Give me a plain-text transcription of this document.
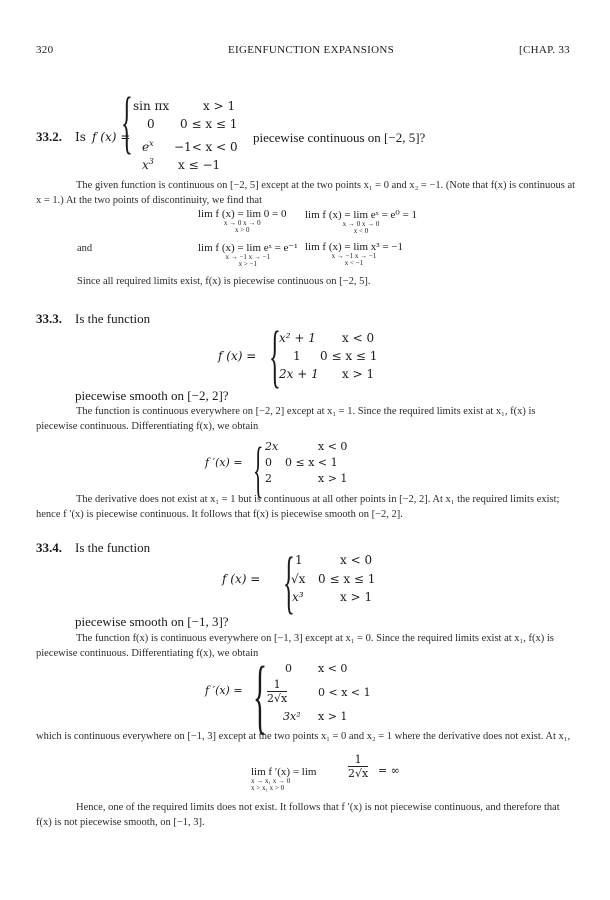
320	EIGENFUNCTION EXPANSIONS	[CHAP. 33
{ sin πx	x > 1
0 0 ≤ x ≤ 1
33.2. Is f (x) =	piecewise continuous on [−2, 5]?
$e^x -1< x < 0$
$x^3$ x ≤ −1
The given function is continuous on [−2, 5] except at the two points x₁ = 0 and x₂ = −1. (Note that f(x) is continuous at x = 1.) At the two points of discontinuity, we find that
lim f (x) = lim 0 = 0
x → 0 x → 0
x > 0
lim f (x) = lim eˣ = e⁰ = 1
x → 0 x → 0
x < 0
and	lim f (x) = lim eˣ = e⁻¹
x → −1 x → −1
x > −1
lim f (x) = lim x³ = −1
x → −1 x → −1
x < −1
Since all required limits exist, f(x) is piecewise continuous on [−2, 5].
33.3. Is the function {
x² + 1 x < 0
f (x) =	1 0 ≤ x ≤ 1
2x + 1 x > 1
piecewise smooth on [−2, 2]?
The function is continuous everywhere on [−2, 2] except at x₁ = 1. Since the required limits exist at x₁, f(x) is piecewise continuous. Differentiating f(x), we obtain
{
f ′(x) =
2x	x < 0
0 0 ≤ x < 1
2	x > 1
The derivative does not exist at x₁ = 1 but is continuous at all other points in [−2, 2]. At x₁ the required limits exist; hence f ′(x) is piecewise continuous. It follows that f(x) is piecewise smooth on [−2, 2].
33.4. Is the function { 1	x < 0
f (x) =	√x 0 ≤ x ≤ 1
x³	x > 1
piecewise smooth on [−1, 3]?
The function f(x) is continuous everywhere on [−1, 3] except at x₁ = 0. Since the required limits exist at x₁, f(x) is piecewise continuous. Differentiating f(x), we obtain
{
f ′(x) =
0 x < 0
$\frac{1}{2√x}$	0 < x < 1
3x² x > 1
which is continuous everywhere on [−1, 3] except at the two points x₁ = 0 and x₂ = 1 where the derivative does not exist. At x₁,
lim f ′(x) = lim
x → x₁ x → 0
x > x₁ x > 0
$\frac{1}{2√x}$ = ∞
Hence, one of the required limits does not exist. It follows that f ′(x) is not piecewise continuous, and therefore that f(x) is not piecewise smooth, on [−1, 3].
